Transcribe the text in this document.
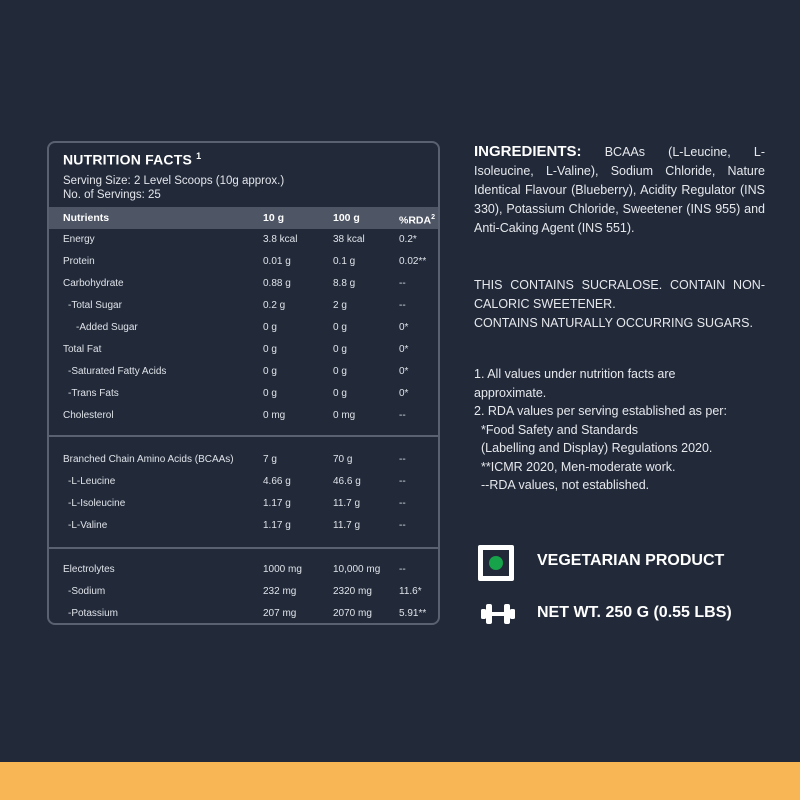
NUTRITION FACTS $^1$
Serving Size: 2 Level Scoops (10g approx.)
No. of Servings: 25
Nutrients	10 g	100 g	%RDA$^2$
Energy	3.8 kcal	38 kcal	0.2*
Protein	0.01 g	0.1 g	0.02**
Carbohydrate	0.88 g	8.8 g	--
-Total Sugar	0.2 g	2 g	--
-Added Sugar	0 g	0 g	0*
Total Fat	0 g	0 g	0*
-Saturated Fatty Acids	0 g	0 g	0*
-Trans Fats	0 g	0 g	0*
Cholesterol	0 mg	0 mg	--
Branched Chain Amino Acids (BCAAs)	7 g	70 g	--
-L-Leucine	4.66 g	46.6 g	--
-L-Isoleucine	1.17 g	11.7 g	--
-L-Valine	1.17 g	11.7 g	--
Electrolytes	1000 mg	10,000 mg --
-Sodium	232 mg	2320 mg	11.6*
-Potassium	207 mg	2070 mg	5.91**
INGREDIENTS: BCAAs (L-Leucine, L-Isoleucine, L-Valine), Sodium Chloride, Nature Identical Flavour (Blueberry), Acidity Regulator (INS 330), Potassium Chloride, Sweetener (INS 955) and Anti-Caking Agent (INS 551).
THIS CONTAINS SUCRALOSE. CONTAIN NON-CALORIC SWEETENER.
CONTAINS NATURALLY OCCURRING SUGARS.
1. All values under nutrition facts are
approximate.
2. RDA values per serving established as per:
*Food Safety and Standards
(Labelling and Display) Regulations 2020.
**ICMR 2020, Men-moderate work.
--RDA values, not established.
VEGETARIAN PRODUCT
NET WT. 250 G (0.55 LBS)
